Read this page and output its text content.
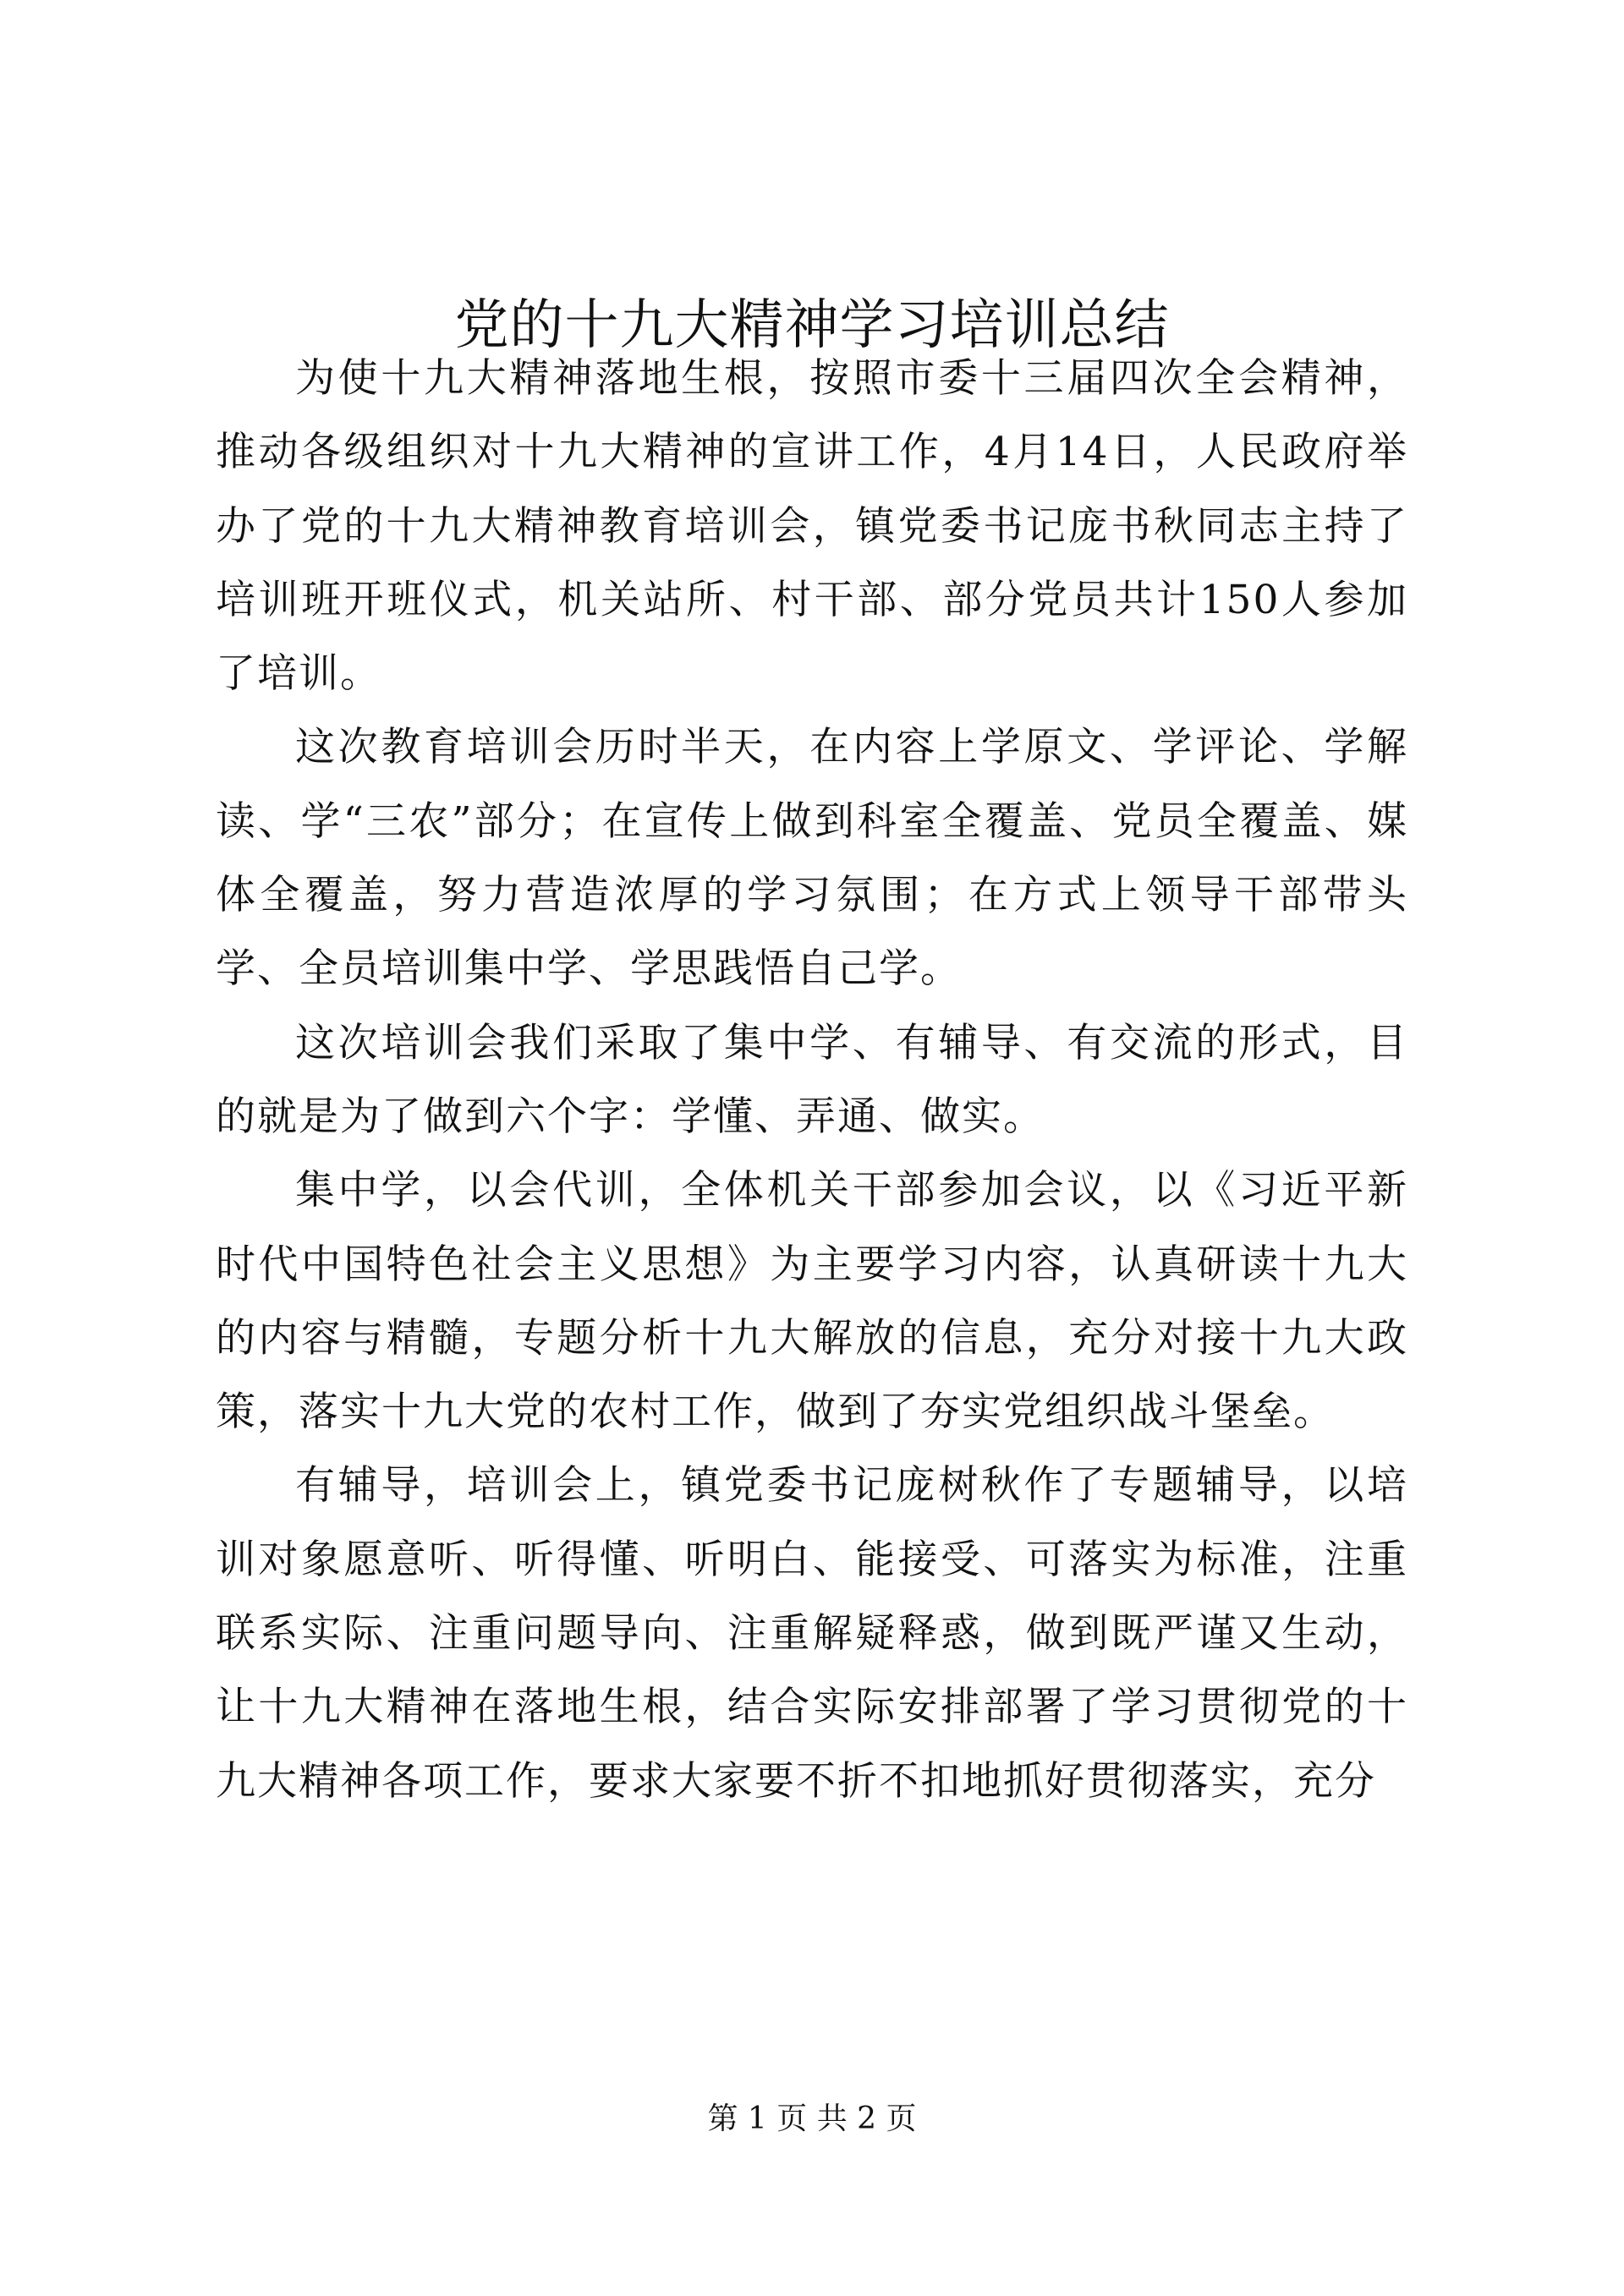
党的十九大精神学习培训总结

为使十九大精神落地生根，按照市委十三届四次全会精神，推动各级组织对十九大精神的宣讲工作，4月14日，人民政府举办了党的十九大精神教育培训会，镇党委书记庞书秋同志主持了培训班开班仪式，机关站所、村干部、部分党员共计150人参加了培训。

这次教育培训会历时半天，在内容上学原文、学评论、学解读、学“三农”部分；在宣传上做到科室全覆盖、党员全覆盖、媒体全覆盖，努力营造浓厚的学习氛围；在方式上领导干部带头学、全员培训集中学、学思践悟自己学。

这次培训会我们采取了集中学、有辅导、有交流的形式，目的就是为了做到六个字：学懂、弄通、做实。

集中学，以会代训，全体机关干部参加会议，以《习近平新时代中国特色社会主义思想》为主要学习内容，认真研读十九大的内容与精髓，专题分析十九大解放的信息，充分对接十九大政策，落实十九大党的农村工作，做到了夯实党组织战斗堡垒。

有辅导，培训会上，镇党委书记庞树秋作了专题辅导，以培训对象愿意听、听得懂、听明白、能接受、可落实为标准，注重联系实际、注重问题导向、注重解疑释惑，做到既严谨又生动，让十九大精神在落地生根，结合实际安排部署了学习贯彻党的十九大精神各项工作，要求大家要不折不扣地抓好贯彻落实，充分

第 1 页 共 2 页
